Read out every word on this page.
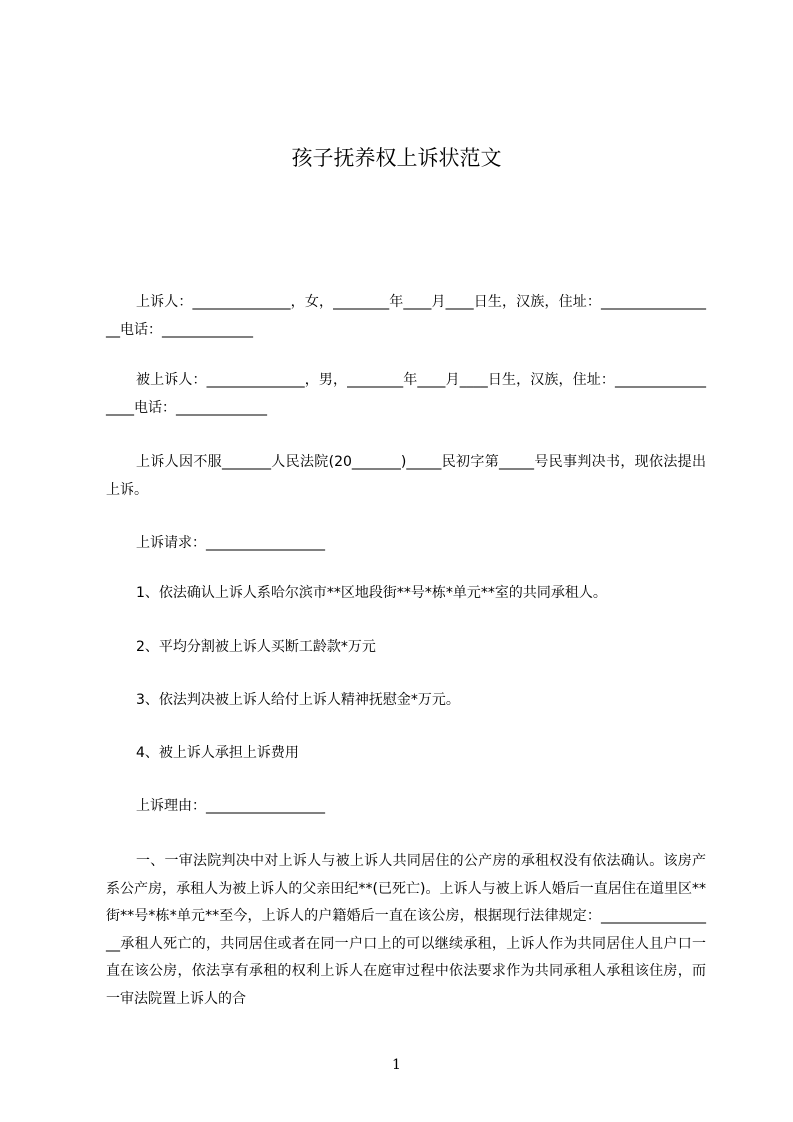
孩子抚养权上诉状范文

上诉人：______________，女，________年____月____日生，汉族，住址：_________________电话：_____________

被上诉人：______________，男，________年____月____日生，汉族，住址：_________________电话：_____________

上诉人因不服_______人民法院(20_______)_____民初字第_____号民事判决书，现依法提出上诉。

上诉请求：_________________

1、依法确认上诉人系哈尔滨市**区地段街**号*栋*单元**室的共同承租人。

2、平均分割被上诉人买断工龄款*万元

3、依法判决被上诉人给付上诉人精神抚慰金*万元。

4、被上诉人承担上诉费用

上诉理由：_________________

一、一审法院判决中对上诉人与被上诉人共同居住的公产房的承租权没有依法确认。该房产系公产房，承租人为被上诉人的父亲田纪**(已死亡)。上诉人与被上诉人婚后一直居住在道里区**街**号*栋*单元**至今，上诉人的户籍婚后一直在该公房，根据现行法律规定：_________________承租人死亡的，共同居住或者在同一户口上的可以继续承租，上诉人作为共同居住人且户口一直在该公房，依法享有承租的权利上诉人在庭审过程中依法要求作为共同承租人承租该住房，而一审法院置上诉人的合

1
